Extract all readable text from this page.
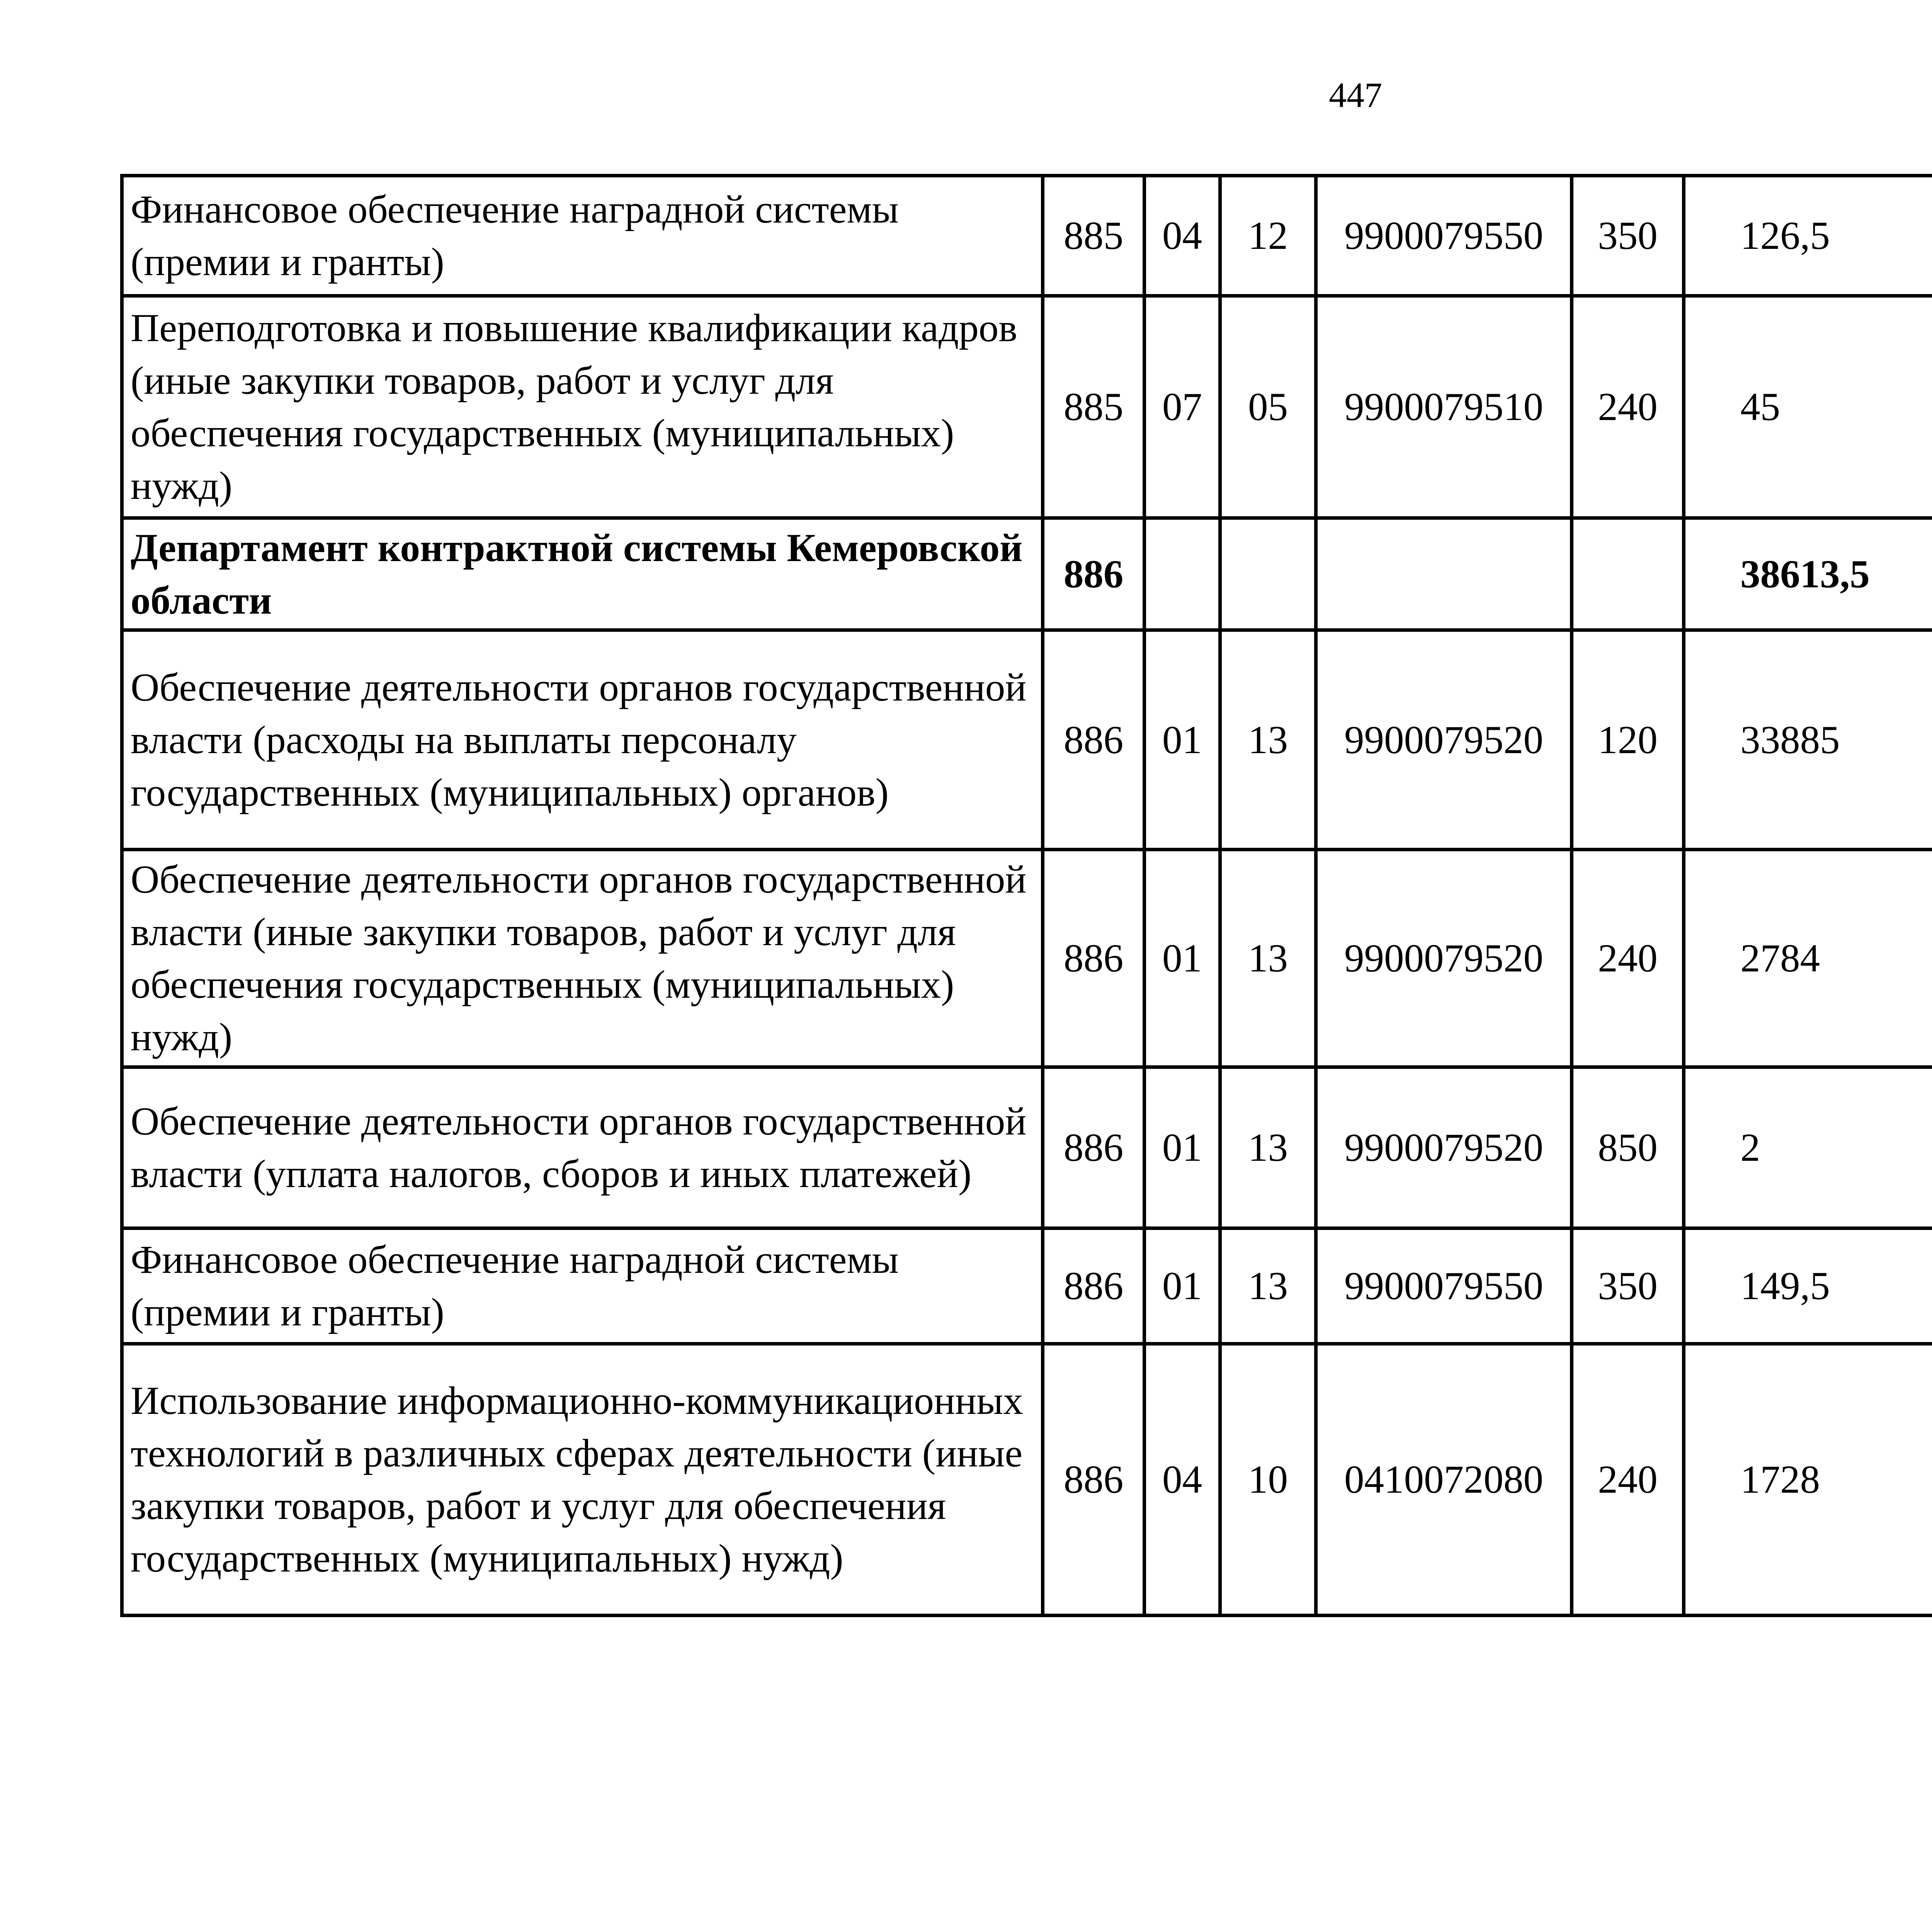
447
Финансовое обеспечение наградной системы (премии и гранты)	885	04	12	9900079550	350	126,5		
Переподготовка и повышение квалификации кадров (иные закупки товаров, работ и услуг для обеспечения государственных (муниципальных) нужд)	885	07	05	9900079510	240	45		
Департамент контрактной системы Кемеровской области	886					38613,5		
Обеспечение деятельности органов государственной власти (расходы на выплаты персоналу государственных (муниципальных) органов)	886	01	13	9900079520	120	33885		
Обеспечение деятельности органов государственной власти (иные закупки товаров, работ и услуг для обеспечения государственных (муниципальных) нужд)	886	01	13	9900079520	240	2784		
Обеспечение деятельности органов государственной власти (уплата налогов, сборов и иных платежей)	886	01	13	9900079520	850	2		
Финансовое обеспечение наградной системы (премии и гранты)	886	01	13	9900079550	350	149,5		
Использование информационно-коммуникационных технологий в различных сферах деятельности (иные закупки товаров, работ и услуг для обеспечения государственных (муниципальных) нужд)	886	04	10	0410072080	240	1728		
